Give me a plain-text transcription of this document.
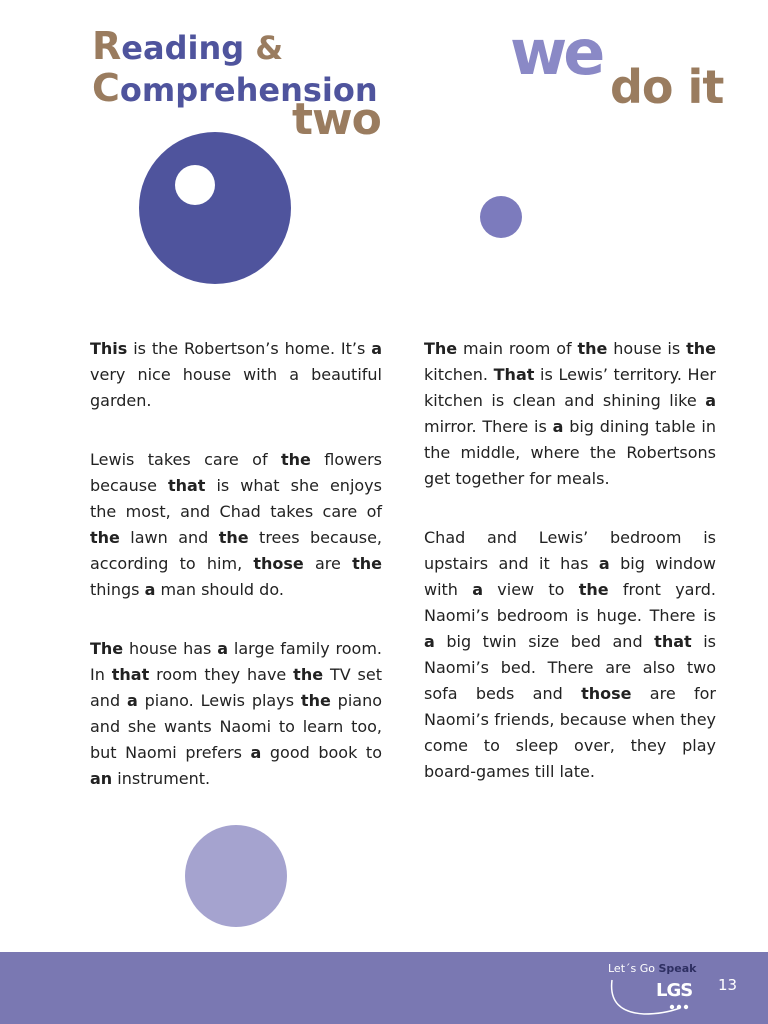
Reading &
Comprehension
two
we do it

This is the Robertson’s home. It’s a very nice house with a beautiful garden.

Lewis takes care of the flowers because that is what she enjoys the most, and Chad takes care of the lawn and the trees because, according to him, those are the things a man should do.

The house has a large family room. In that room they have the TV set and a piano. Lewis plays the piano and she wants Naomi to learn too, but Naomi prefers a good book to an instrument.

The main room of the house is the kitchen. That is Lewis’ territory. Her kitchen is clean and shining like a mirror. There is a big dining table in the middle, where the Robertsons get together for meals.

Chad and Lewis’ bedroom is upstairs and it has a big window with a view to the front yard. Naomi’s bedroom is huge. There is a big twin size bed and that is Naomi’s bed. There are also two sofa beds and those are for Naomi’s friends, because when they come to sleep over, they play board-games till late.

Let´s Go Speak
LGS 13
